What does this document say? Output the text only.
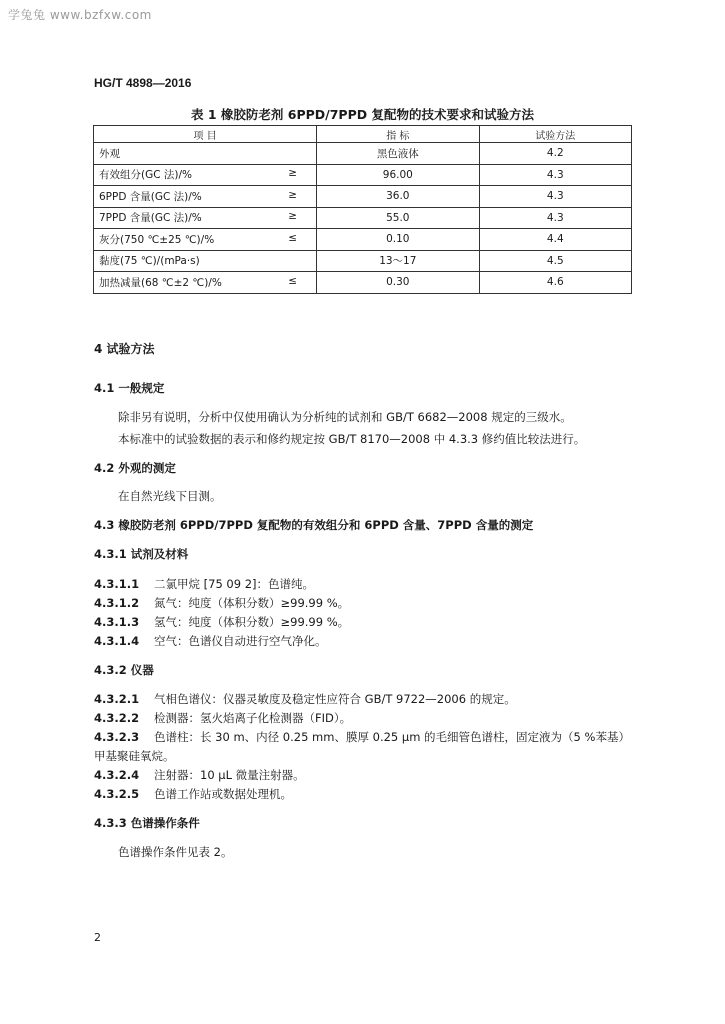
学兔兔 www.bzfxw.com
HG/T 4898—2016
表 1 橡胶防老剂 6PPD/7PPD 复配物的技术要求和试验方法
项 目	指 标	试验方法

外观	黑色液体	4.2

有效组分(GC 法)/% ≥	96.00	4.3

6PPD 含量(GC 法)/% ≥	36.0	4.3

7PPD 含量(GC 法)/% ≥	55.0	4.3

灰分(750 ℃±25 ℃)/% ≤	0.10	4.4

黏度(75 ℃)/(mPa·s)	13～17	4.5

加热减量(68 ℃±2 ℃)/% ≤	0.30	4.6
4 试验方法
4.1 一般规定
除非另有说明，分析中仅使用确认为分析纯的试剂和 GB/T 6682—2008 规定的三级水。
本标准中的试验数据的表示和修约规定按 GB/T 8170—2008 中 4.3.3 修约值比较法进行。
4.2 外观的测定
在自然光线下目测。
4.3 橡胶防老剂 6PPD/7PPD 复配物的有效组分和 6PPD 含量、7PPD 含量的测定
4.3.1 试剂及材料
4.3.1.1 二氯甲烷 [75 09 2]：色谱纯。
4.3.1.2 氮气：纯度（体积分数）≥99.99 %。
4.3.1.3 氢气：纯度（体积分数）≥99.99 %。
4.3.1.4 空气：色谱仪自动进行空气净化。
4.3.2 仪器
4.3.2.1 气相色谱仪：仪器灵敏度及稳定性应符合 GB/T 9722—2006 的规定。
4.3.2.2 检测器：氢火焰离子化检测器（FID）。
4.3.2.3 色谱柱：长 30 m、内径 0.25 mm、膜厚 0.25 μm 的毛细管色谱柱，固定液为（5 %苯基）
甲基聚硅氧烷。
4.3.2.4 注射器：10 μL 微量注射器。
4.3.2.5 色谱工作站或数据处理机。
4.3.3 色谱操作条件
色谱操作条件见表 2。
2
